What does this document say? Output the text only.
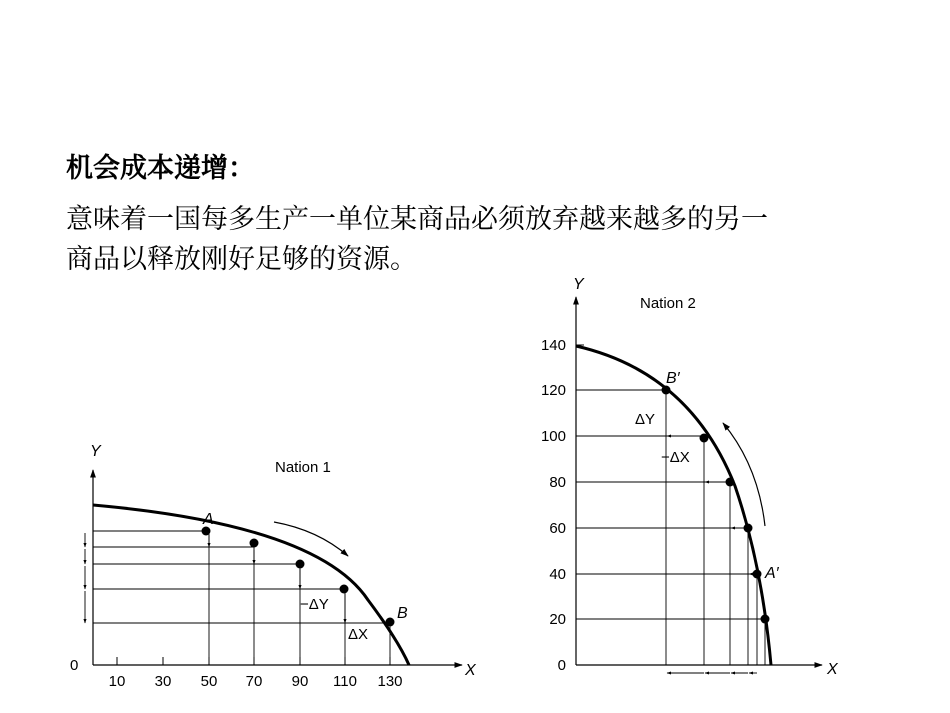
机会成本递增：
意味着一国每多生产一单位某商品必须放弃越来越多的另一
商品以释放刚好足够的资源。
Y
X
0
Nation 1
10 30 50 70 90 110 130
A
B
−ΔY
ΔX
Y
X
Nation 2
0
20
40
60
80
100
120
140
B′
A′
ΔY
−ΔX
